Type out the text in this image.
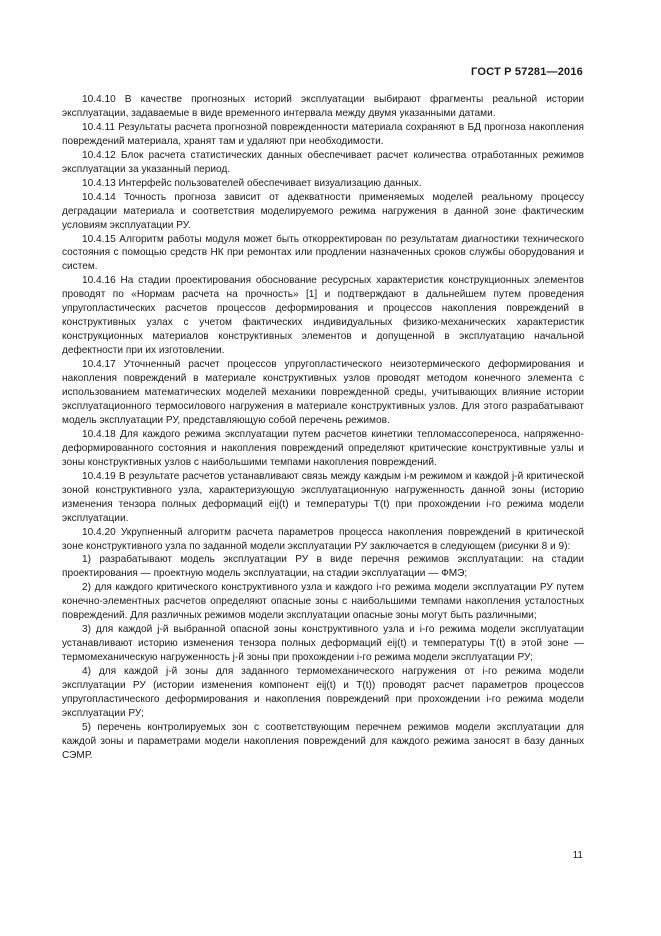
ГОСТ Р 57281—2016

10.4.10 В качестве прогнозных историй эксплуатации выбирают фрагменты реальной истории эксплуатации, задаваемые в виде временного интервала между двумя указанными датами.

10.4.11 Результаты расчета прогнозной поврежденности материала сохраняют в БД прогноза накопления повреждений материала, хранят там и удаляют при необходимости.

10.4.12 Блок расчета статистических данных обеспечивает расчет количества отработанных режимов эксплуатации за указанный период.

10.4.13 Интерфейс пользователей обеспечивает визуализацию данных.

10.4.14 Точность прогноза зависит от адекватности применяемых моделей реальному процессу деградации материала и соответствия моделируемого режима нагружения в данной зоне фактическим условиям эксплуатации РУ.

10.4.15 Алгоритм работы модуля может быть откорректирован по результатам диагностики технического состояния с помощью средств НК при ремонтах или продлении назначенных сроков службы оборудования и систем.

10.4.16 На стадии проектирования обоснование ресурсных характеристик конструкционных элементов проводят по «Нормам расчета на прочность» [1] и подтверждают в дальнейшем путем проведения упругопластических расчетов процессов деформирования и процессов накопления повреждений в конструктивных узлах с учетом фактических индивидуальных физико-механических характеристик конструкционных материалов конструктивных элементов и допущенной в эксплуатацию начальной дефектности при их изготовлении.

10.4.17 Уточненный расчет процессов упругопластического неизотермического деформирования и накопления повреждений в материале конструктивных узлов проводят методом конечного элемента с использованием математических моделей механики поврежденной среды, учитывающих влияние истории эксплуатационного термосилового нагружения в материале конструктивных узлов. Для этого разрабатывают модель эксплуатации РУ, представляющую собой перечень режимов.

10.4.18 Для каждого режима эксплуатации путем расчетов кинетики тепломассопереноса, напряженно-деформированного состояния и накопления повреждений определяют критические конструктивные узлы и зоны конструктивных узлов с наибольшими темпами накопления повреждений.

10.4.19 В результате расчетов устанавливают связь между каждым i-м режимом и каждой j-й критической зоной конструктивного узла, характеризующую эксплуатационную нагруженность данной зоны (историю изменения тензора полных деформаций eij(t) и температуры T(t) при прохождении i-го режима модели эксплуатации.

10.4.20 Укрупненный алгоритм расчета параметров процесса накопления повреждений в критической зоне конструктивного узла по заданной модели эксплуатации РУ заключается в следующем (рисунки 8 и 9):

1) разрабатывают модель эксплуатации РУ в виде перечня режимов эксплуатации: на стадии проектирования — проектную модель эксплуатации, на стадии эксплуатации — ФМЭ;

2) для каждого критического конструктивного узла и каждого i-го режима модели эксплуатации РУ путем конечно-элементных расчетов определяют опасные зоны с наибольшими темпами накопления усталостных повреждений. Для различных режимов модели эксплуатации опасные зоны могут быть различными;

3) для каждой j-й выбранной опасной зоны конструктивного узла и i-го режима модели эксплуатации устанавливают историю изменения тензора полных деформаций eij(t) и температуры T(t) в этой зоне — термомеханическую нагруженность j-й зоны при прохождении i-го режима модели эксплуатации РУ;

4) для каждой j-й зоны для заданного термомеханического нагружения от i-го режима модели эксплуатации РУ (истории изменения компонент eij(t) и T(t)) проводят расчет параметров процессов упругопластического деформирования и накопления повреждений при прохождении i-го режима модели эксплуатации РУ;

5) перечень контролируемых зон с соответствующим перечнем режимов модели эксплуатации для каждой зоны и параметрами модели накопления повреждений для каждого режима заносят в базу данных СЭМР.

11
